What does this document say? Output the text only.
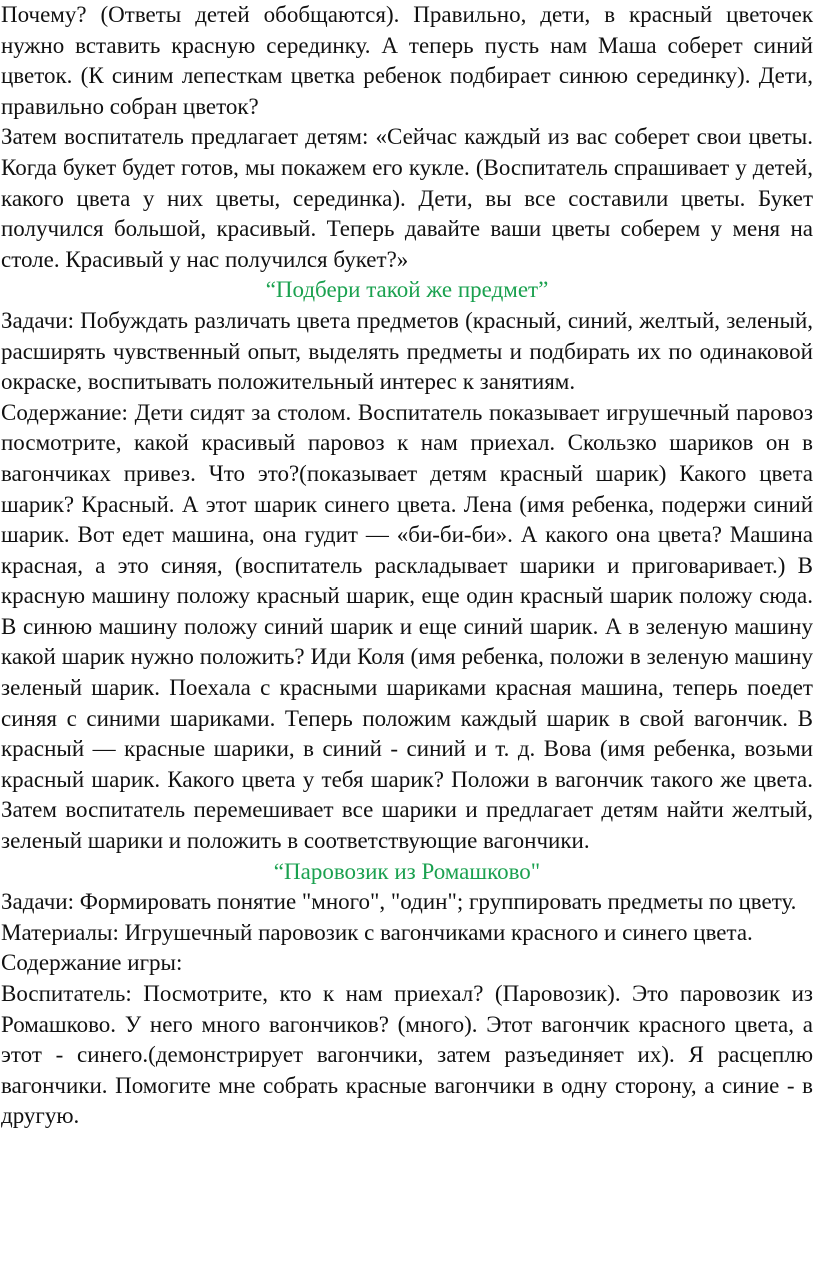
Почему? (Ответы детей обобщаются). Правильно, дети, в красный цветочек нужно вставить красную серединку. А теперь пусть нам Маша соберет синий цветок. (К синим лепесткам цветка ребенок подбирает синюю серединку). Дети, правильно собран цветок?

Затем воспитатель предлагает детям: «Сейчас каждый из вас соберет свои цветы. Когда букет будет готов, мы покажем его кукле. (Воспитатель спрашивает у детей, какого цвета у них цветы, серединка). Дети, вы все составили цветы. Букет получился большой, красивый. Теперь давайте ваши цветы соберем у меня на столе. Красивый у нас получился букет?»

“Подбери такой же предмет”

Задачи: Побуждать различать цвета предметов (красный, синий, желтый, зеленый, расширять чувственный опыт, выделять предметы и подбирать их по одинаковой окраске, воспитывать положительный интерес к занятиям.

Содержание: Дети сидят за столом. Воспитатель показывает игрушечный паровоз посмотрите, какой красивый паровоз к нам приехал. Скользко шариков он в вагончиках привез. Что это?(показывает детям красный шарик) Какого цвета шарик? Красный. А этот шарик синего цвета. Лена (имя ребенка, подержи синий шарик. Вот едет машина, она гудит — «би-би-би». А какого она цвета? Машина красная, а это синяя, (воспитатель раскладывает шарики и приговаривает.) В красную машину положу красный шарик, еще один красный шарик положу сюда. В синюю машину положу синий шарик и еще синий шарик. А в зеленую машину какой шарик нужно положить? Иди Коля (имя ребенка, положи в зеленую машину зеленый шарик. Поехала с красными шариками красная машина, теперь поедет синяя с синими шариками. Теперь положим каждый шарик в свой вагончик. В красный — красные шарики, в синий - синий и т. д. Вова (имя ребенка, возьми красный шарик. Какого цвета у тебя шарик? Положи в вагончик такого же цвета. Затем воспитатель перемешивает все шарики и предлагает детям найти желтый, зеленый шарики и положить в соответствующие вагончики.

“Паровозик из Ромашково"

Задачи: Формировать понятие "много", "один"; группировать предметы по цвету.

Материалы: Игрушечный паровозик с вагончиками красного и синего цвета.

Содержание игры:

Воспитатель: Посмотрите, кто к нам приехал? (Паровозик). Это паровозик из Ромашково. У него много вагончиков? (много). Этот вагончик красного цвета, а этот - синего.(демонстрирует вагончики, затем разъединяет их). Я расцеплю вагончики. Помогите мне собрать красные вагончики в одну сторону, а синие - в другую.
